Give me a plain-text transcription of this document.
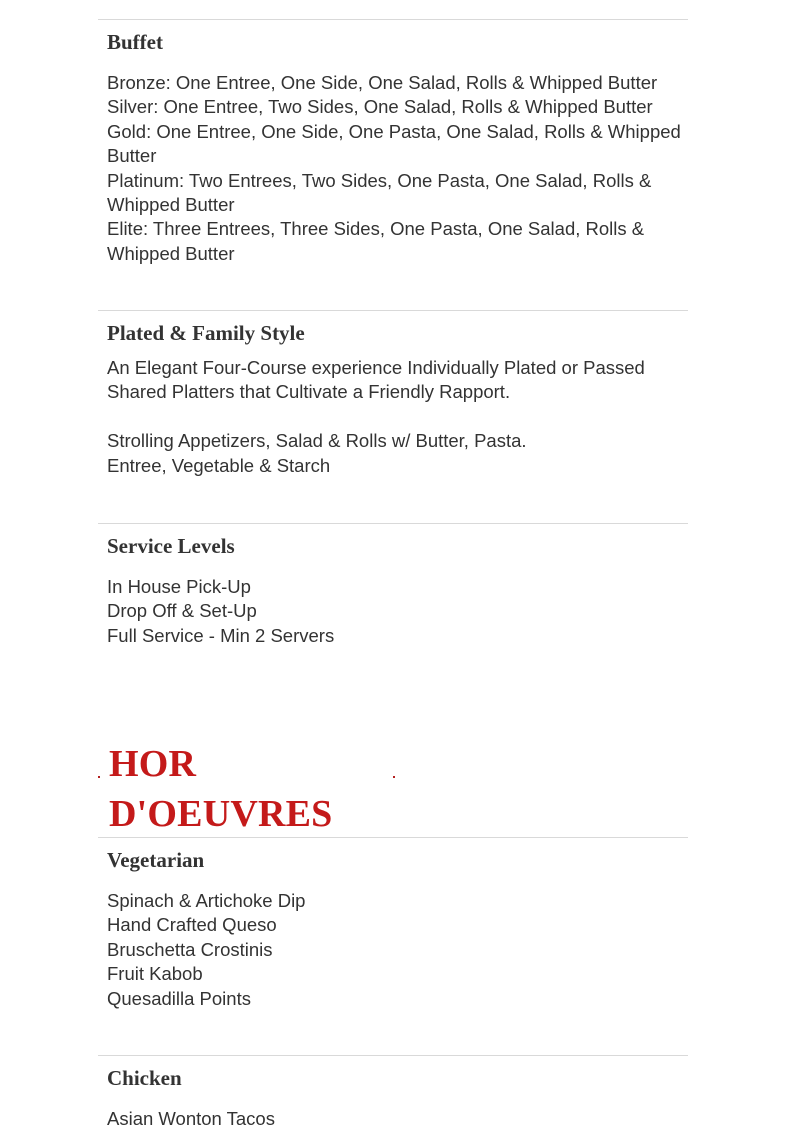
Buffet
Bronze: One Entree, One Side, One Salad, Rolls & Whipped Butter
Silver: One Entree, Two Sides, One Salad, Rolls & Whipped Butter
Gold: One Entree, One Side, One Pasta, One Salad, Rolls & Whipped
Butter
Platinum: Two Entrees, Two Sides, One Pasta, One Salad, Rolls &
Whipped Butter
Elite: Three Entrees, Three Sides, One Pasta, One Salad, Rolls &
Whipped Butter
Plated & Family Style
An Elegant Four-Course experience Individually Plated or Passed
Shared Platters that Cultivate a Friendly Rapport.
Strolling Appetizers, Salad & Rolls w/ Butter, Pasta.
Entree, Vegetable & Starch
Service Levels
In House Pick-Up
Drop Off & Set-Up
Full Service - Min 2 Servers
HOR D'OEUVRES
Vegetarian
Spinach & Artichoke Dip
Hand Crafted Queso
Bruschetta Crostinis
Fruit Kabob
Quesadilla Points
Chicken
Asian Wonton Tacos
